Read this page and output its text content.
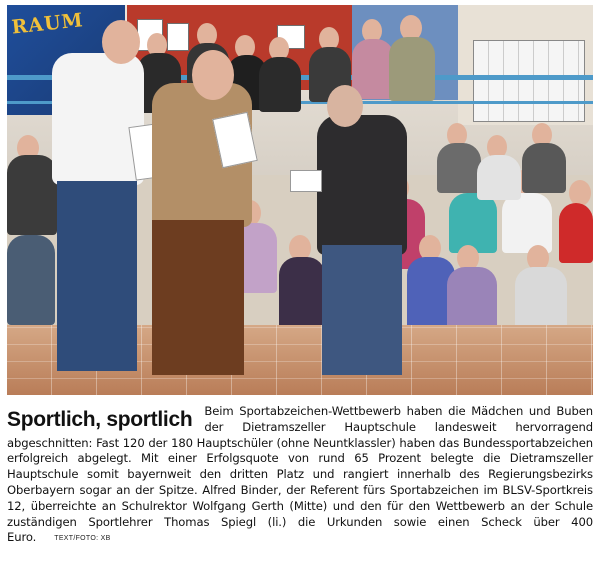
RAUM
Sportlich, sportlich	Beim Sportabzeichen-Wettbewerb haben die Mädchen und Buben der Dietramszeller Hauptschule landesweit hervorragend abgeschnitten: Fast 120 der 180 Hauptschüler (ohne Neuntklassler) haben das Bundessportabzeichen erfolgreich abgelegt. Mit einer Erfolgsquote von rund 65 Prozent belegte die Dietramszeller Hauptschule somit bayernweit den dritten Platz und rangiert innerhalb des Regierungsbezirks Oberbayern sogar an der Spitze. Alfred Binder, der Referent fürs Sportabzeichen im BLSV-Sportkreis 12, überreichte an Schulrektor Wolfgang Gerth (Mitte) und den für den Wettbewerb an der Schule zuständigen Sportlehrer Thomas Spiegl (li.) die Urkunden sowie einen Scheck über 400 Euro.	TEXT/FOTO: XB
